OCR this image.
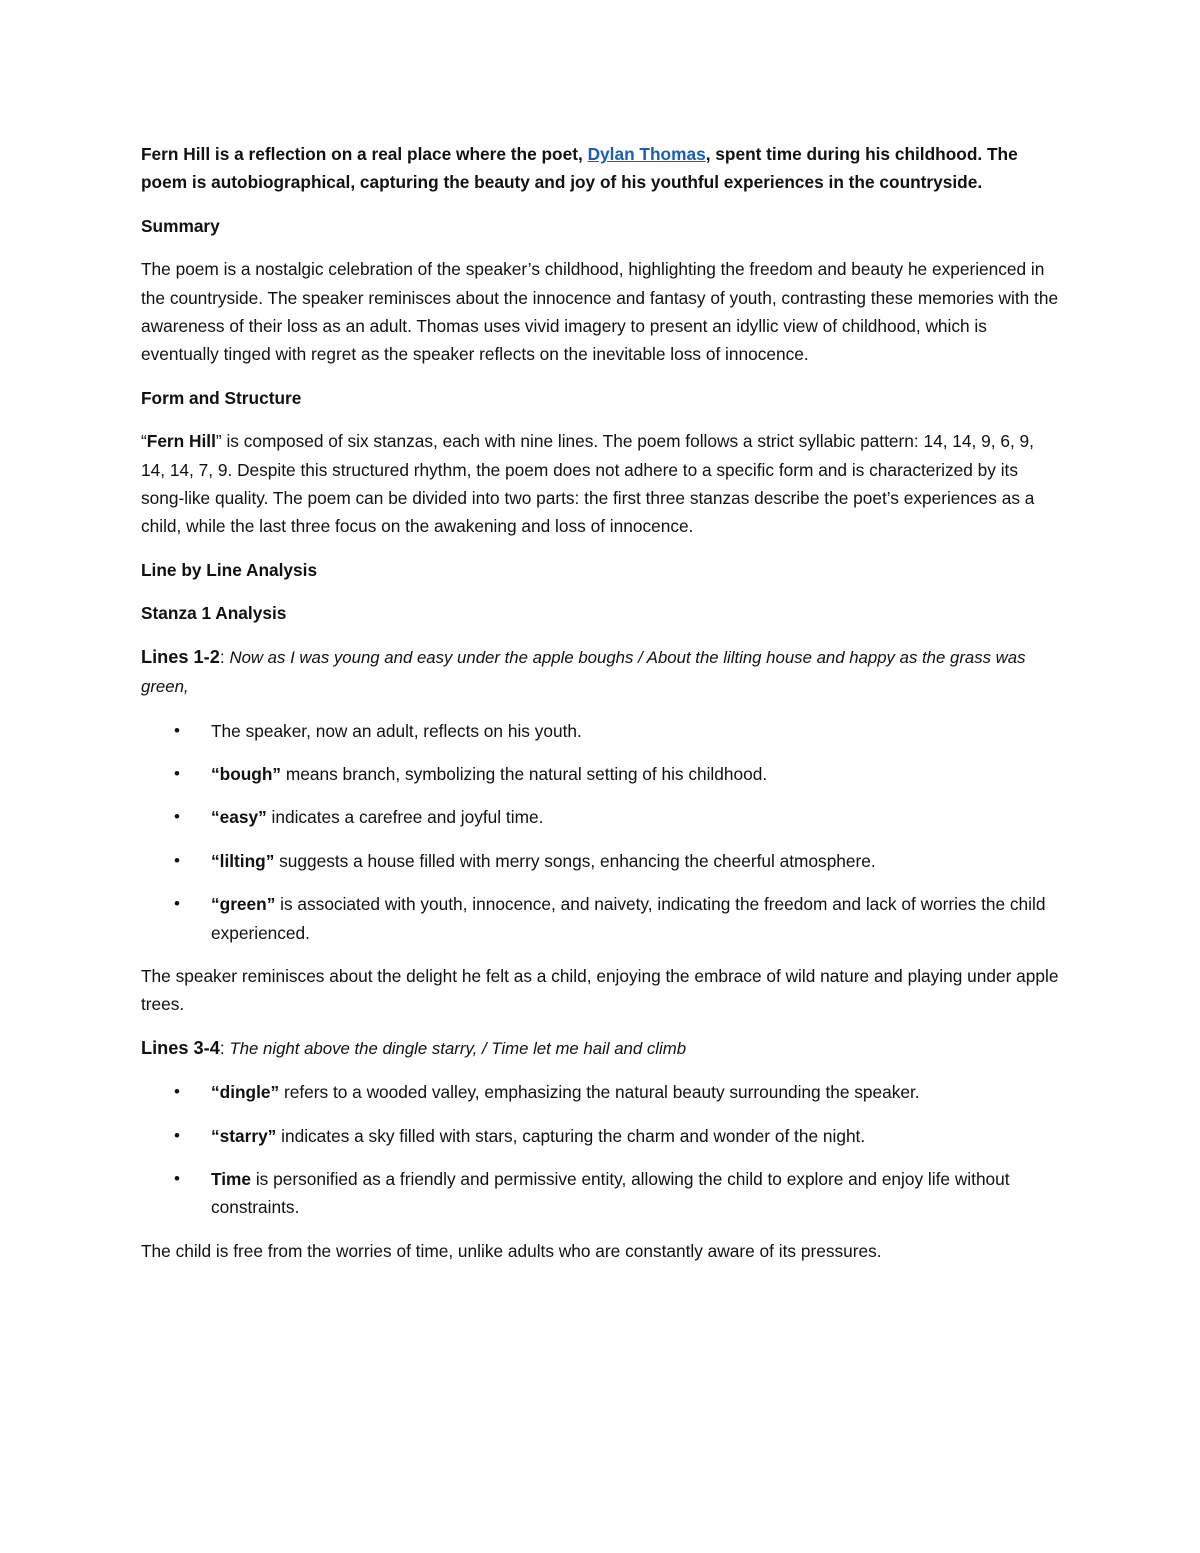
Fern Hill is a reflection on a real place where the poet, Dylan Thomas, spent time during his childhood. The poem is autobiographical, capturing the beauty and joy of his youthful experiences in the countryside.

Summary

The poem is a nostalgic celebration of the speaker’s childhood, highlighting the freedom and beauty he experienced in the countryside. The speaker reminisces about the innocence and fantasy of youth, contrasting these memories with the awareness of their loss as an adult. Thomas uses vivid imagery to present an idyllic view of childhood, which is eventually tinged with regret as the speaker reflects on the inevitable loss of innocence.

Form and Structure

“Fern Hill” is composed of six stanzas, each with nine lines. The poem follows a strict syllabic pattern: 14, 14, 9, 6, 9, 14, 14, 7, 9. Despite this structured rhythm, the poem does not adhere to a specific form and is characterized by its song-like quality. The poem can be divided into two parts: the first three stanzas describe the poet’s experiences as a child, while the last three focus on the awakening and loss of innocence.

Line by Line Analysis

Stanza 1 Analysis

Lines 1-2: Now as I was young and easy under the apple boughs / About the lilting house and happy as the grass was green,

• The speaker, now an adult, reflects on his youth.
• “bough” means branch, symbolizing the natural setting of his childhood.
• “easy” indicates a carefree and joyful time.
• “lilting” suggests a house filled with merry songs, enhancing the cheerful atmosphere.
• “green” is associated with youth, innocence, and naivety, indicating the freedom and lack of worries the child experienced.

The speaker reminisces about the delight he felt as a child, enjoying the embrace of wild nature and playing under apple trees.

Lines 3-4: The night above the dingle starry, / Time let me hail and climb

• “dingle” refers to a wooded valley, emphasizing the natural beauty surrounding the speaker.
• “starry” indicates a sky filled with stars, capturing the charm and wonder of the night.
• Time is personified as a friendly and permissive entity, allowing the child to explore and enjoy life without constraints.

The child is free from the worries of time, unlike adults who are constantly aware of its pressures.
